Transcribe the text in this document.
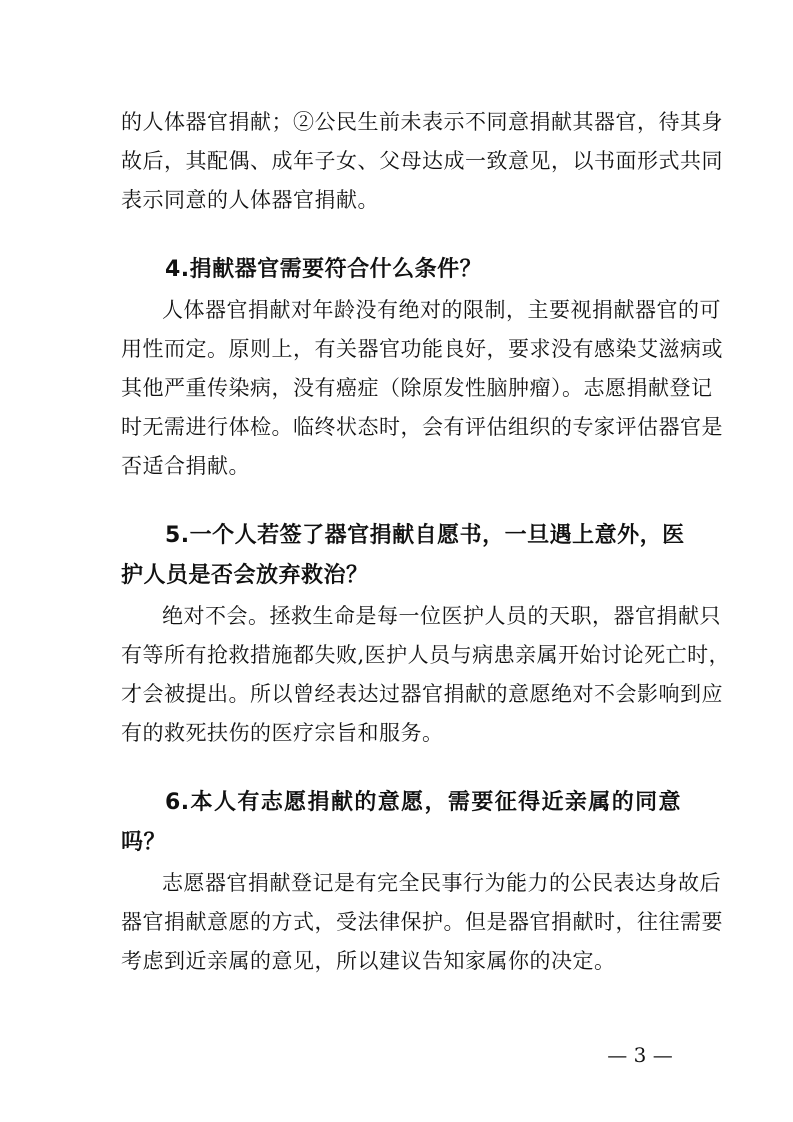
的人体器官捐献；②公民生前未表示不同意捐献其器官，待其身
故后，其配偶、成年子女、父母达成一致意见，以书面形式共同
表示同意的人体器官捐献。
4.捐献器官需要符合什么条件？
人体器官捐献对年龄没有绝对的限制，主要视捐献器官的可
用性而定。原则上，有关器官功能良好，要求没有感染艾滋病或
其他严重传染病，没有癌症（除原发性脑肿瘤）。志愿捐献登记
时无需进行体检。临终状态时，会有评估组织的专家评估器官是
否适合捐献。
5.一个人若签了器官捐献自愿书，一旦遇上意外，医
护人员是否会放弃救治？
绝对不会。拯救生命是每一位医护人员的天职，器官捐献只
有等所有抢救措施都失败,医护人员与病患亲属开始讨论死亡时，
才会被提出。所以曾经表达过器官捐献的意愿绝对不会影响到应
有的救死扶伤的医疗宗旨和服务。
6.本人有志愿捐献的意愿，需要征得近亲属的同意
吗？
志愿器官捐献登记是有完全民事行为能力的公民表达身故后
器官捐献意愿的方式，受法律保护。但是器官捐献时，往往需要
考虑到近亲属的意见，所以建议告知家属你的决定。
— 3 —
